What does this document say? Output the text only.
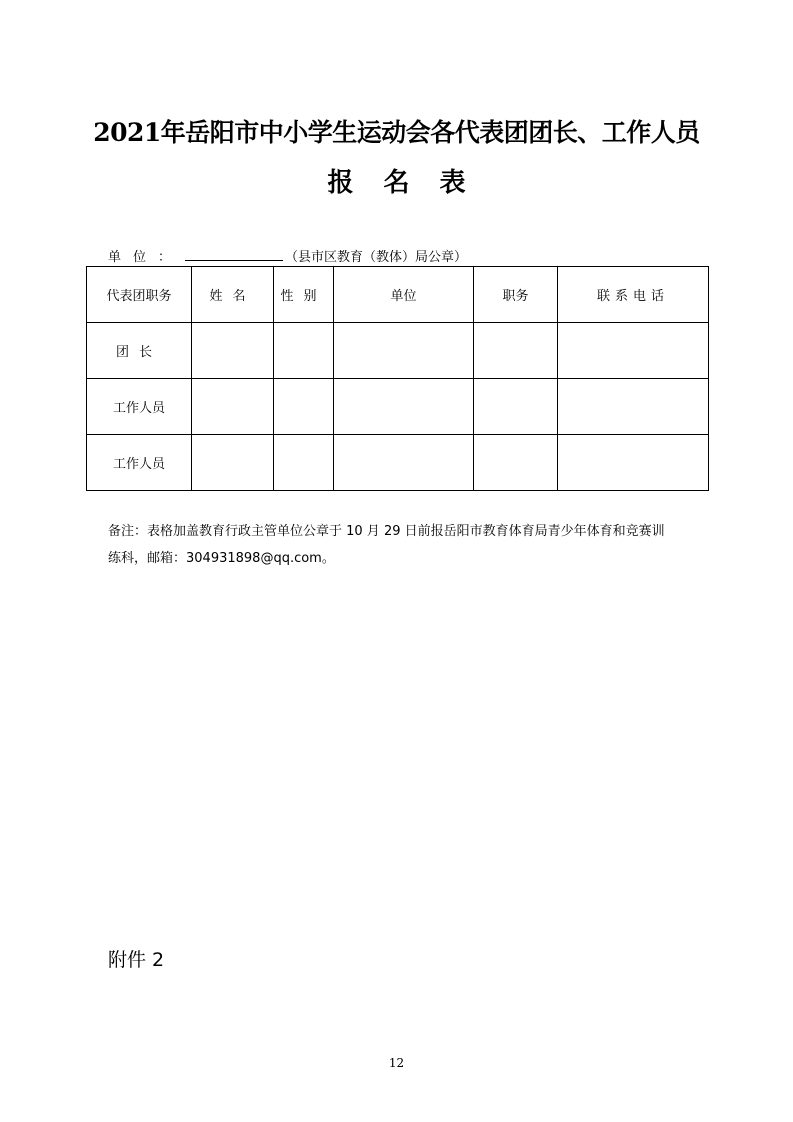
2021年岳阳市中小学生运动会各代表团团长、工作人员
报名表
单位：	（县市区教育（教体）局公章）
代表团职务	姓名	性别	单位	职务	联系电话
团长					
工作人员					
工作人员					
备注：表格加盖教育行政主管单位公章于 10 月 29 日前报岳阳市教育体育局青少年体育和竞赛训
练科，邮箱：304931898@qq.com。
附件 2
12
